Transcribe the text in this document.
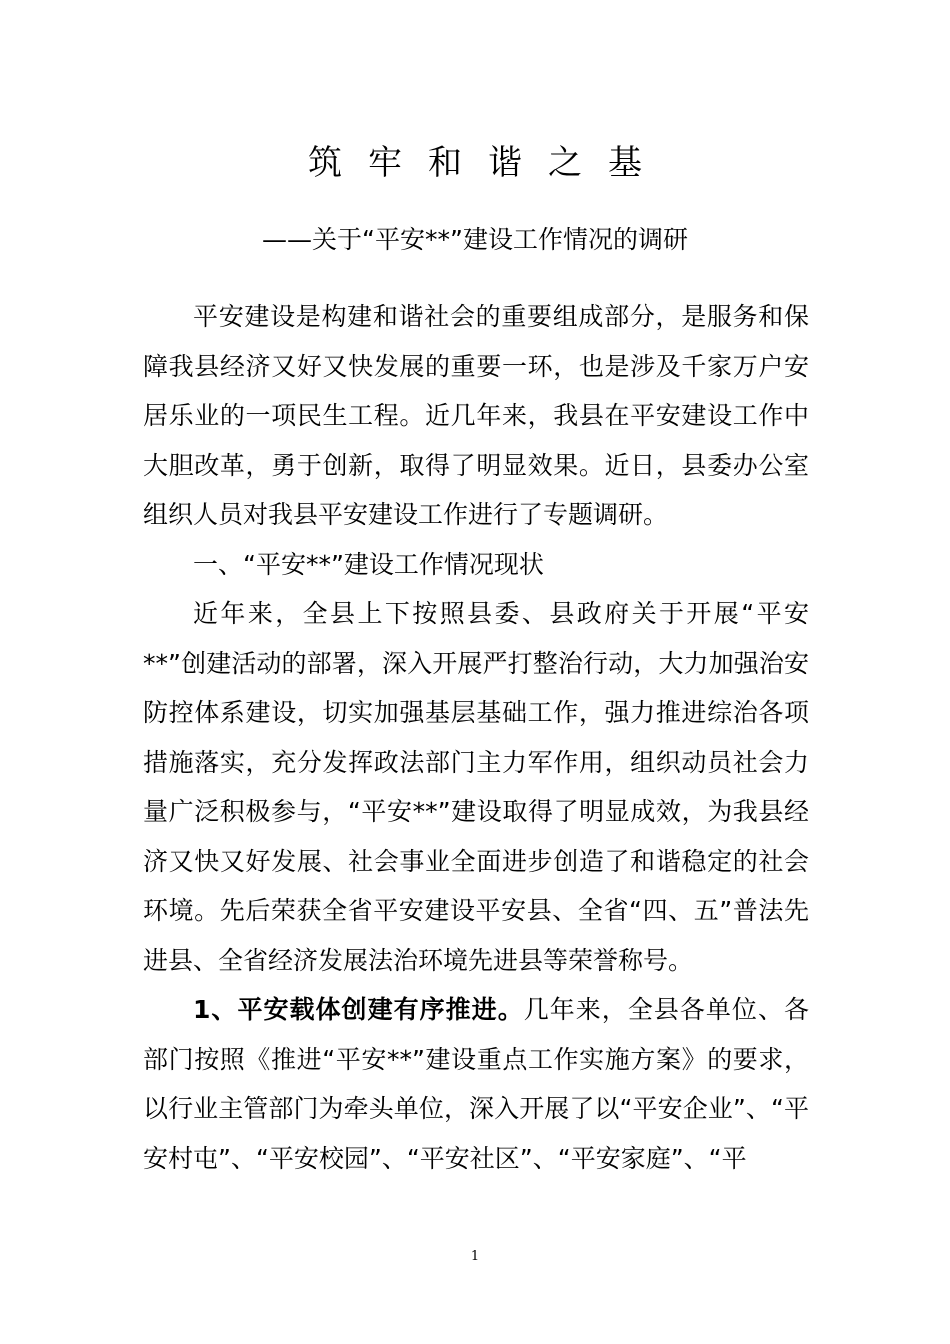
筑牢和谐之基
——关于“平安**”建设工作情况的调研

平安建设是构建和谐社会的重要组成部分，是服务和保障我县经济又好又快发展的重要一环，也是涉及千家万户安居乐业的一项民生工程。近几年来，我县在平安建设工作中大胆改革，勇于创新，取得了明显效果。近日，县委办公室组织人员对我县平安建设工作进行了专题调研。

一、“平安**”建设工作情况现状

近年来，全县上下按照县委、县政府关于开展“平安**”创建活动的部署，深入开展严打整治行动，大力加强治安防控体系建设，切实加强基层基础工作，强力推进综治各项措施落实，充分发挥政法部门主力军作用，组织动员社会力量广泛积极参与，“平安**”建设取得了明显成效，为我县经济又快又好发展、社会事业全面进步创造了和谐稳定的社会环境。先后荣获全省平安建设平安县、全省“四、五”普法先进县、全省经济发展法治环境先进县等荣誉称号。

1、平安载体创建有序推进。几年来，全县各单位、各部门按照《推进“平安**”建设重点工作实施方案》的要求，以行业主管部门为牵头单位，深入开展了以“平安企业”、“平安村屯”、“平安校园”、“平安社区”、“平安家庭”、“平

1
